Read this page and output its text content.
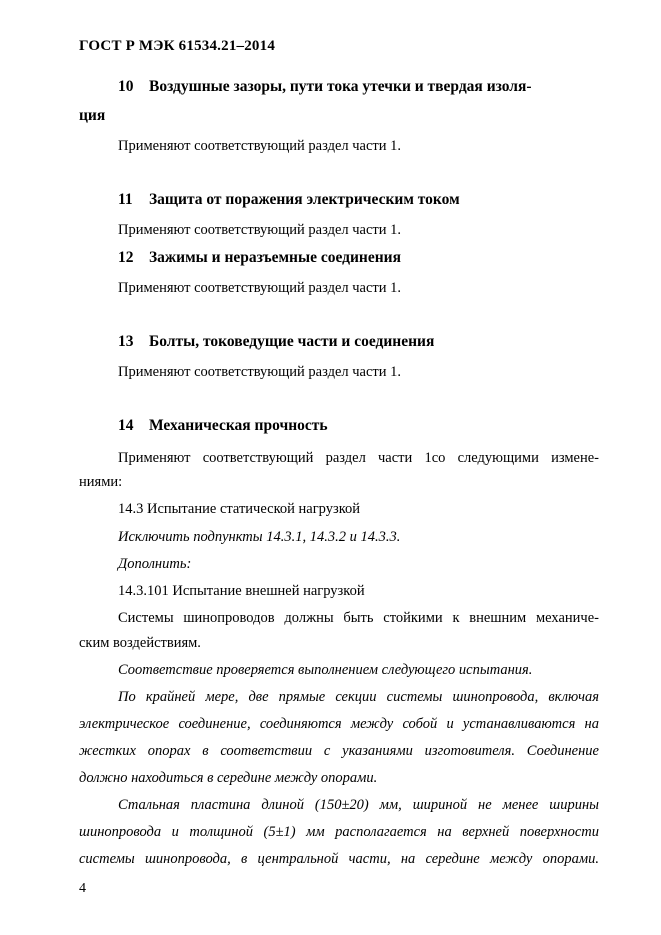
ГОСТ Р МЭК 61534.21–2014
10 Воздушные зазоры, пути тока утечки и твердая изоля-
ция
Применяют соответствующий раздел части 1.
11 Защита от поражения электрическим током
Применяют соответствующий раздел части 1.
12 Зажимы и неразъемные соединения
Применяют соответствующий раздел части 1.
13 Болты, токоведущие части и соединения
Применяют соответствующий раздел части 1.
14 Механическая прочность
Применяют соответствующий раздел части 1со следующими измене-
ниями:
14.3 Испытание статической нагрузкой
Исключить подпункты 14.3.1, 14.3.2 и 14.3.3.
Дополнить:
14.3.101 Испытание внешней нагрузкой
Системы шинопроводов должны быть стойкими к внешним механиче-
ским воздействиям.
Соответствие проверяется выполнением следующего испытания.
По крайней мере, две прямые секции системы шинопровода, включая
электрическое соединение, соединяются между собой и устанавливаются на
жестких опорах в соответствии с указаниями изготовителя. Соединение
должно находиться в середине между опорами.
Стальная пластина длиной (150±20) мм, шириной не менее ширины
шинопровода и толщиной (5±1) мм располагается на верхней поверхности
системы шинопровода, в центральной части, на середине между опорами.
4
